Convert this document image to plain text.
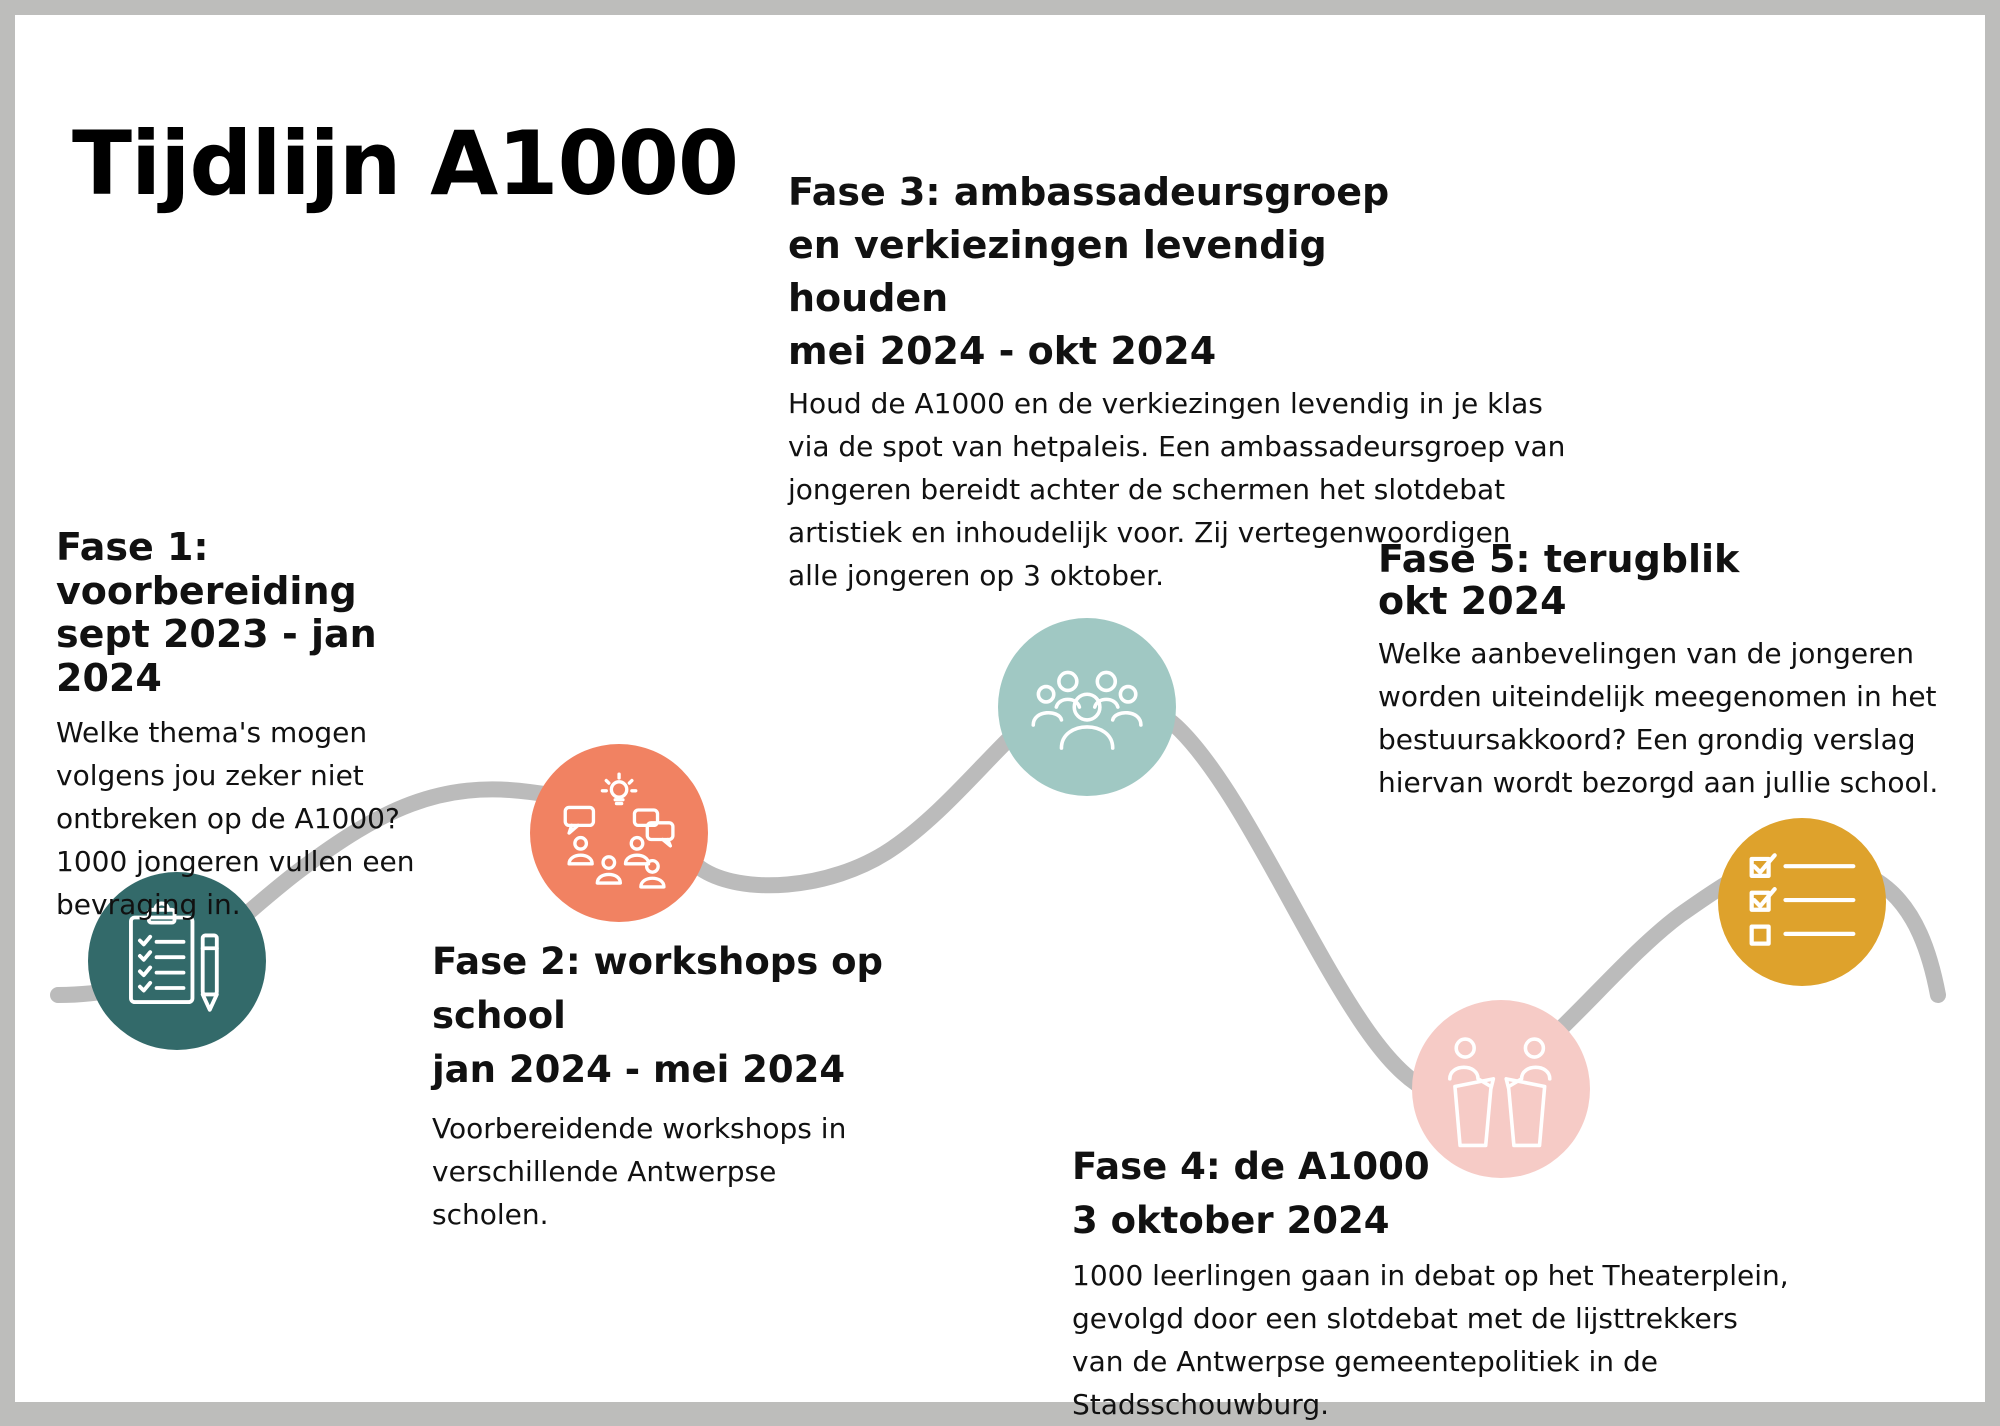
Tijdlijn A1000

Fase 1: voorbereiding

sept 2023 - jan 2024

Welke thema's mogen volgens jou zeker niet ontbreken op de A1000? 1000 jongeren vullen een bevraging in.

Fase 2: workshops op school

jan 2024 - mei 2024

Voorbereidende workshops in verschillende Antwerpse scholen.

Fase 3: ambassadeursgroep en verkiezingen levendig houden

mei 2024 - okt 2024

Houd de A1000 en de verkiezingen levendig in je klas via de spot van hetpaleis. Een ambassadeursgroep van jongeren bereidt achter de schermen het slotdebat artistiek en inhoudelijk voor. Zij vertegenwoordigen alle jongeren op 3 oktober.

Fase 4: de A1000

3 oktober 2024

1000 leerlingen gaan in debat op het Theaterplein, gevolgd door een slotdebat met de lijsttrekkers van de Antwerpse gemeentepolitiek in de Stadsschouwburg.

Fase 5: terugblik

okt 2024

Welke aanbevelingen van de jongeren worden uiteindelijk meegenomen in het bestuursakkoord? Een grondig verslag hiervan wordt bezorgd aan jullie school.
